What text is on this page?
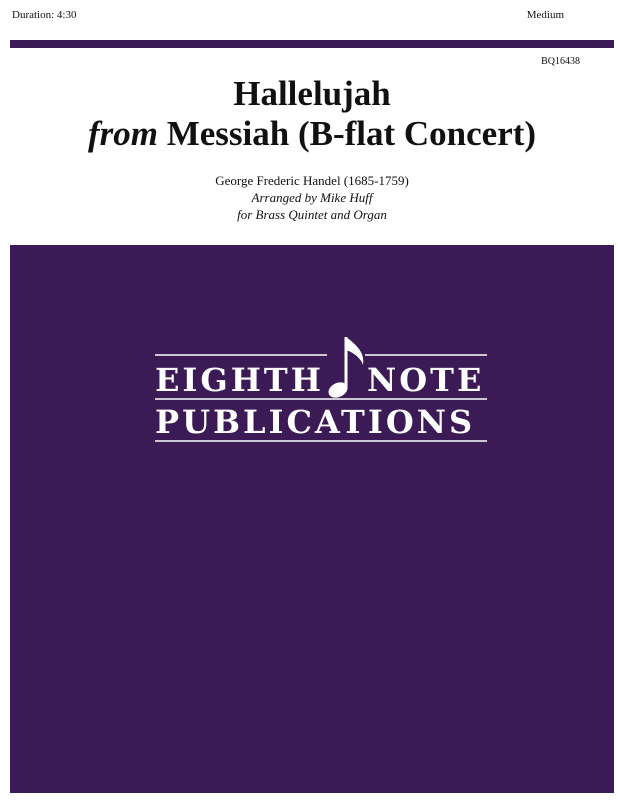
Duration: 4:30	Medium
BQ16438
Hallelujah
from Messiah (B-flat Concert)
George Frederic Handel (1685-1759)
Arranged by Mike Huff
for Brass Quintet and Organ
EIGHTH NOTE
PUBLICATIONS
